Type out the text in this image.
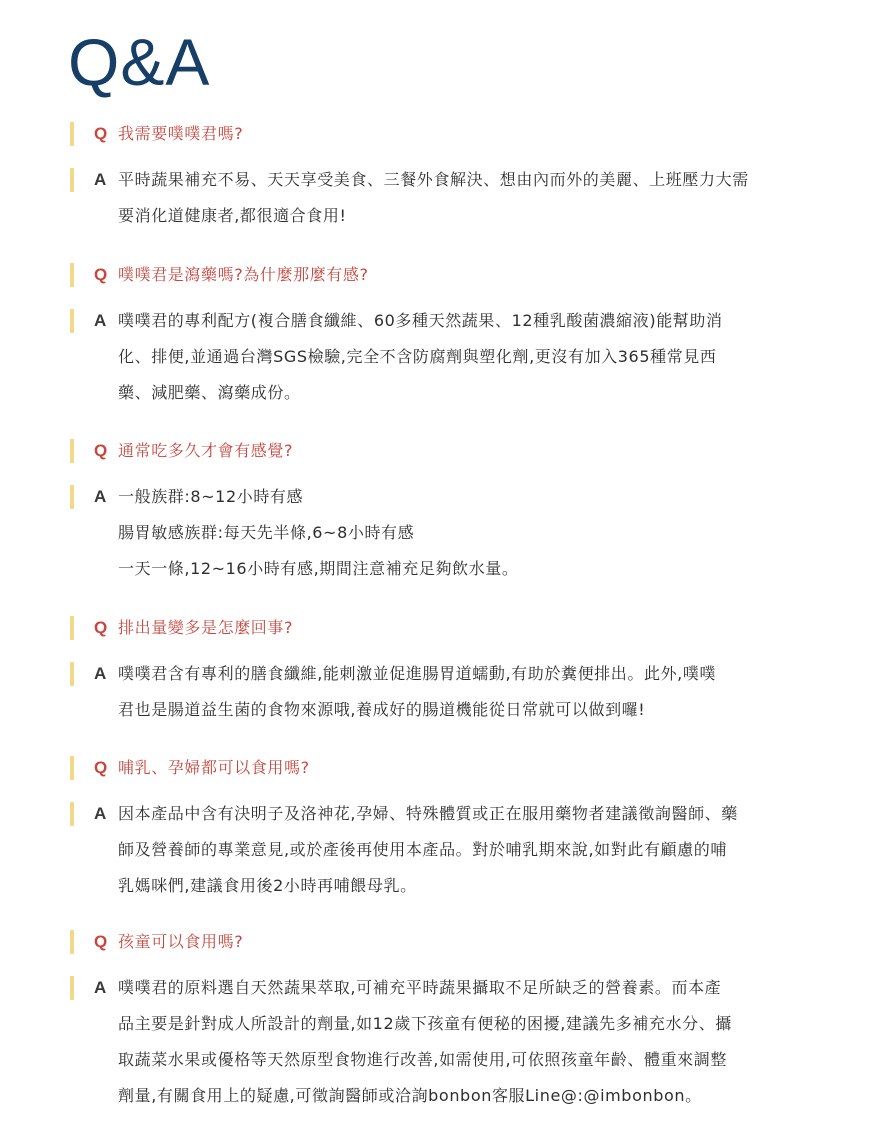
Q&A
Q 我需要噗噗君嗎?
A 平時蔬果補充不易、天天享受美食、三餐外食解決、想由內而外的美麗、上班壓力大需
要消化道健康者,都很適合食用!
Q 噗噗君是瀉藥嗎?為什麼那麼有感?
A 噗噗君的專利配方(複合膳食纖維、60多種天然蔬果、12種乳酸菌濃縮液)能幫助消
化、排便,並通過台灣SGS檢驗,完全不含防腐劑與塑化劑,更沒有加入365種常見西
藥、減肥藥、瀉藥成份。
Q 通常吃多久才會有感覺?
A 一般族群:8~12小時有感
腸胃敏感族群:每天先半條,6~8小時有感
一天一條,12~16小時有感,期間注意補充足夠飲水量。
Q 排出量變多是怎麼回事?
A 噗噗君含有專利的膳食纖維,能刺激並促進腸胃道蠕動,有助於糞便排出。此外,噗噗
君也是腸道益生菌的食物來源哦,養成好的腸道機能從日常就可以做到囉!
Q 哺乳、孕婦都可以食用嗎?
A 因本產品中含有決明子及洛神花,孕婦、特殊體質或正在服用藥物者建議徵詢醫師、藥
師及營養師的專業意見,或於產後再使用本產品。對於哺乳期來說,如對此有顧慮的哺
乳媽咪們,建議食用後2小時再哺餵母乳。
Q 孩童可以食用嗎?
A 噗噗君的原料選自天然蔬果萃取,可補充平時蔬果攝取不足所缺乏的營養素。而本產
品主要是針對成人所設計的劑量,如12歲下孩童有便秘的困擾,建議先多補充水分、攝
取蔬菜水果或優格等天然原型食物進行改善,如需使用,可依照孩童年齡、體重來調整
劑量,有關食用上的疑慮,可徵詢醫師或洽詢bonbon客服Line@:@imbonbon。
